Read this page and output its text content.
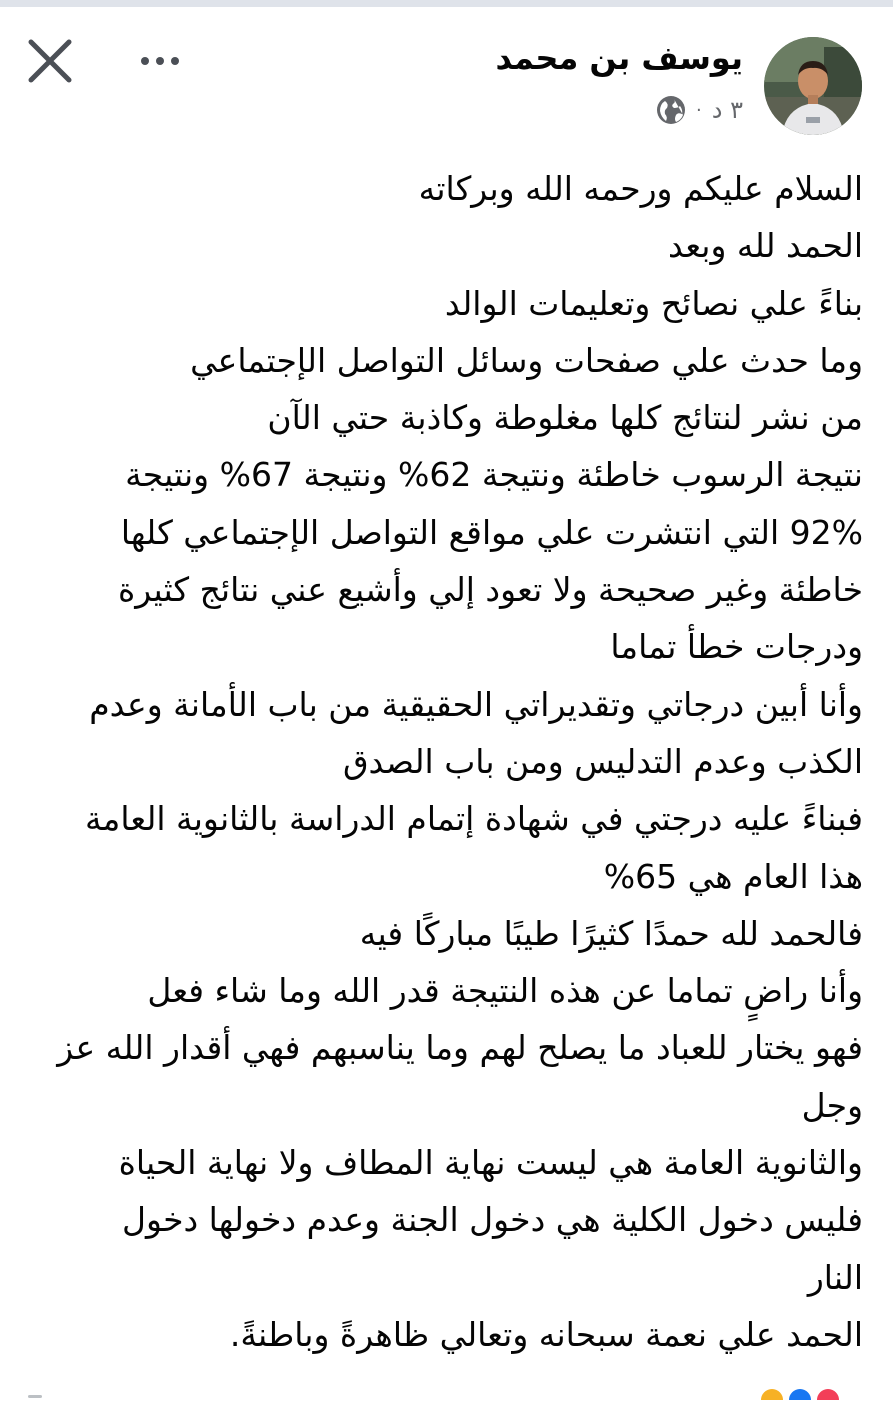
يوسف بن محمد
٣ د
·
السلام عليكم ورحمه الله وبركاته
الحمد لله وبعد
بناءً علي نصائح وتعليمات الوالد
وما حدث علي صفحات وسائل التواصل الإجتماعي
من نشر لنتائج كلها مغلوطة وكاذبة حتي الآن
نتيجة الرسوب خاطئة ونتيجة 62% ونتيجة 67% ونتيجة
92% التي انتشرت علي مواقع التواصل الإجتماعي كلها
خاطئة وغير صحيحة ولا تعود إلي وأشيع عني نتائج كثيرة
ودرجات خطأ تماما
وأنا أبين درجاتي وتقديراتي الحقيقية من باب الأمانة وعدم
الكذب وعدم التدليس ومن باب الصدق
فبناءً عليه درجتي في شهادة إتمام الدراسة بالثانوية العامة
هذا العام هي 65%
فالحمد لله حمدًا كثيرًا طيبًا مباركًا فيه
وأنا راضٍ تماما عن هذه النتيجة قدر الله وما شاء فعل
فهو يختار للعباد ما يصلح لهم وما يناسبهم فهي أقدار الله عز
وجل
والثانوية العامة هي ليست نهاية المطاف ولا نهاية الحياة
فليس دخول الكلية هي دخول الجنة وعدم دخولها دخول
النار
الحمد علي نعمة سبحانه وتعالي ظاهرةً وباطنةً.
